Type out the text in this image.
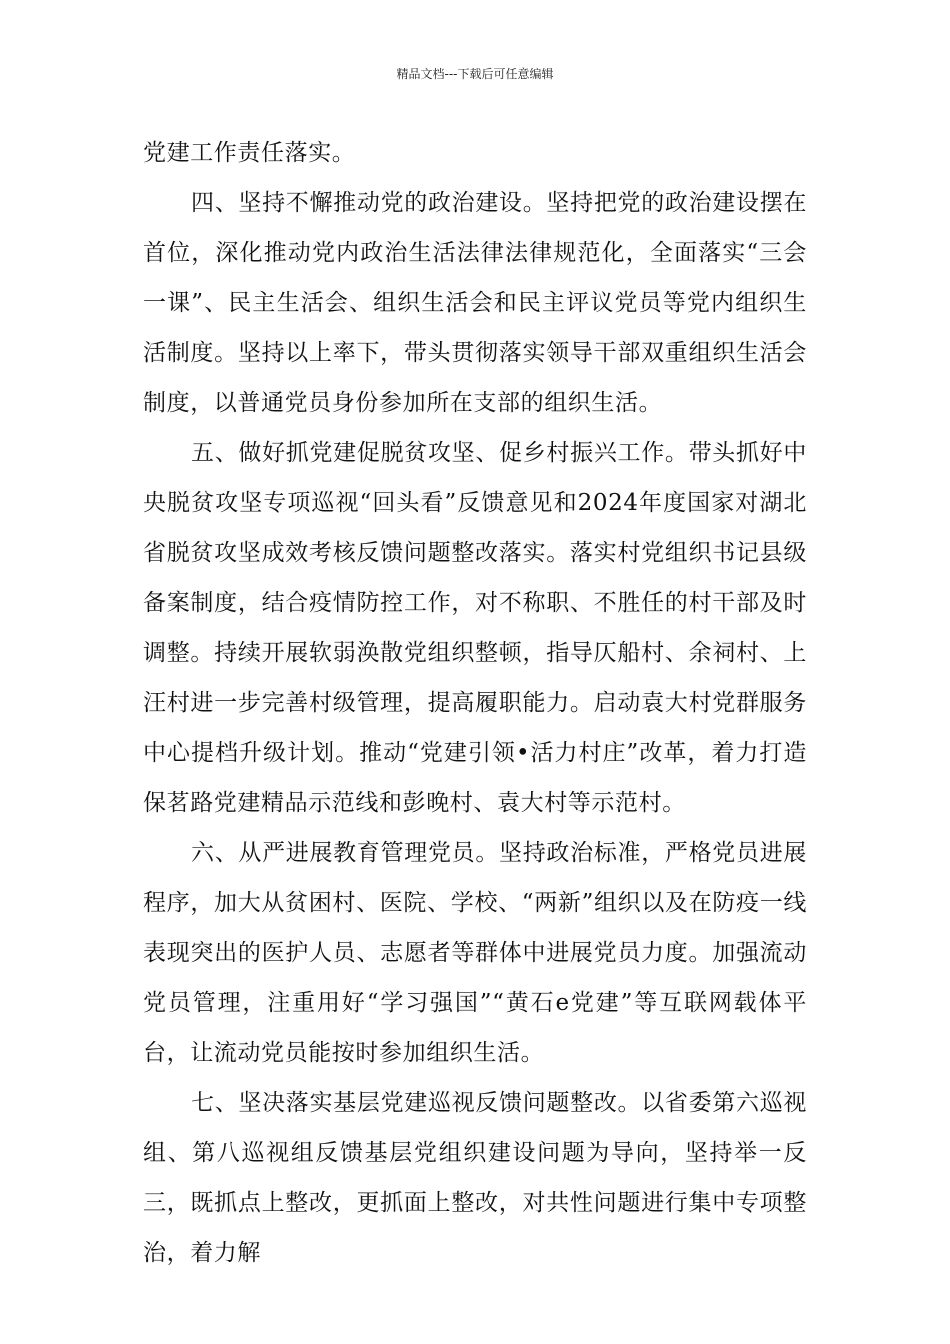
精品文档---下载后可任意编辑

党建工作责任落实。

四、坚持不懈推动党的政治建设。坚持把党的政治建设摆在首位，深化推动党内政治生活法律法律规范化，全面落实“三会一课”、民主生活会、组织生活会和民主评议党员等党内组织生活制度。坚持以上率下，带头贯彻落实领导干部双重组织生活会制度，以普通党员身份参加所在支部的组织生活。

五、做好抓党建促脱贫攻坚、促乡村振兴工作。带头抓好中央脱贫攻坚专项巡视“回头看”反馈意见和2024年度国家对湖北省脱贫攻坚成效考核反馈问题整改落实。落实村党组织书记县级备案制度，结合疫情防控工作，对不称职、不胜任的村干部及时调整。持续开展软弱涣散党组织整顿，指导仄船村、余祠村、上汪村进一步完善村级管理，提高履职能力。启动袁大村党群服务中心提档升级计划。推动“党建引领•活力村庄”改革，着力打造保茗路党建精品示范线和彭晚村、袁大村等示范村。

六、从严进展教育管理党员。坚持政治标准，严格党员进展程序，加大从贫困村、医院、学校、“两新”组织以及在防疫一线表现突出的医护人员、志愿者等群体中进展党员力度。加强流动党员管理，注重用好“学习强国”“黄石e党建”等互联网载体平台，让流动党员能按时参加组织生活。

七、坚决落实基层党建巡视反馈问题整改。以省委第六巡视组、第八巡视组反馈基层党组织建设问题为导向，坚持举一反三，既抓点上整改，更抓面上整改，对共性问题进行集中专项整治，着力解
